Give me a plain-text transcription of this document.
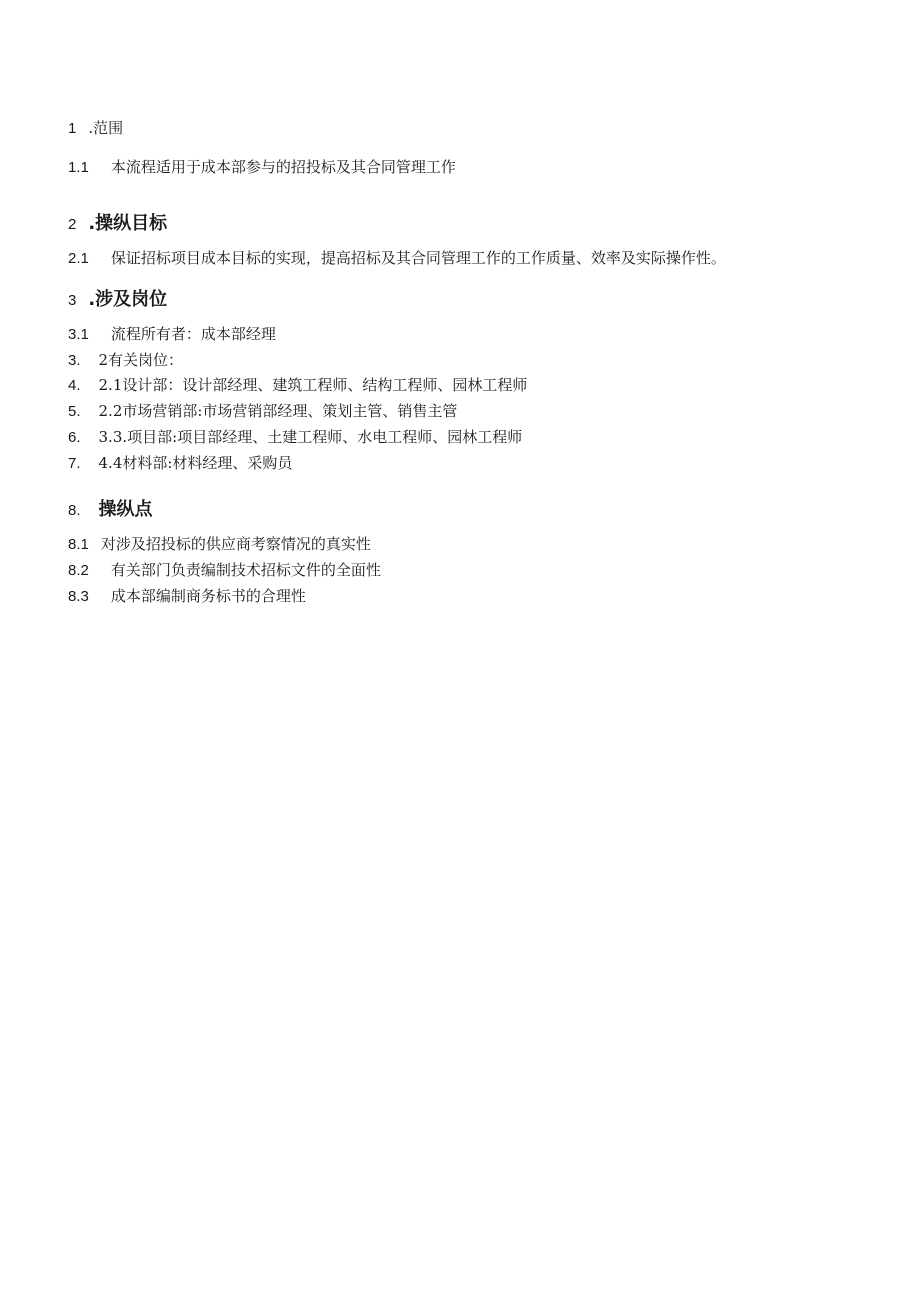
1 .范围
1.1 本流程适用于成本部参与的招投标及其合同管理工作
2 .操纵目标
2.1 保证招标项目成本目标的实现，提高招标及其合同管理工作的工作质量、效率及实际操作性。
3 .涉及岗位
3.1 流程所有者：成本部经理
3. 2有关岗位：
4. 2.1设计部：设计部经理、建筑工程师、结构工程师、园林工程师
5. 2.2市场营销部:市场营销部经理、策划主管、销售主管
6. 3.3.项目部:项目部经理、土建工程师、水电工程师、园林工程师
7. 4.4材料部:材料经理、采购员
8. 操纵点
8.1 对涉及招投标的供应商考察情况的真实性
8.2 有关部门负责编制技术招标文件的全面性
8.3 成本部编制商务标书的合理性
